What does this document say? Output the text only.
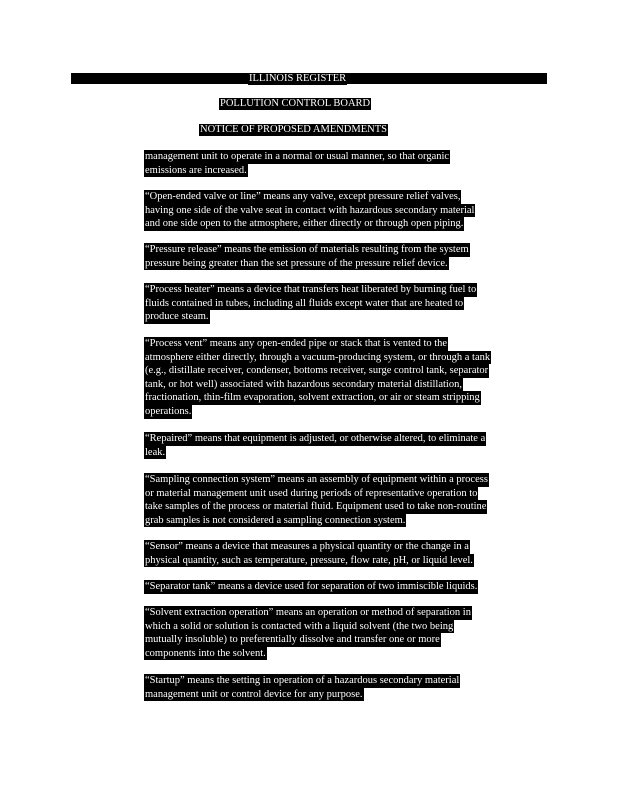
ILLINOIS REGISTER
POLLUTION CONTROL BOARD
NOTICE OF PROPOSED AMENDMENTS
management unit to operate in a normal or usual manner, so that organic
emissions are increased.
“Open-ended valve or line” means any valve, except pressure relief valves,
having one side of the valve seat in contact with hazardous secondary material
and one side open to the atmosphere, either directly or through open piping.
“Pressure release” means the emission of materials resulting from the system
pressure being greater than the set pressure of the pressure relief device.
“Process heater” means a device that transfers heat liberated by burning fuel to
fluids contained in tubes, including all fluids except water that are heated to
produce steam.
“Process vent” means any open-ended pipe or stack that is vented to the
atmosphere either directly, through a vacuum-producing system, or through a tank
(e.g., distillate receiver, condenser, bottoms receiver, surge control tank, separator
tank, or hot well) associated with hazardous secondary material distillation,
fractionation, thin-film evaporation, solvent extraction, or air or steam stripping
operations.
“Repaired” means that equipment is adjusted, or otherwise altered, to eliminate a
leak.
“Sampling connection system” means an assembly of equipment within a process
or material management unit used during periods of representative operation to
take samples of the process or material fluid. Equipment used to take non-routine
grab samples is not considered a sampling connection system.
“Sensor” means a device that measures a physical quantity or the change in a
physical quantity, such as temperature, pressure, flow rate, pH, or liquid level.
“Separator tank” means a device used for separation of two immiscible liquids.
“Solvent extraction operation” means an operation or method of separation in
which a solid or solution is contacted with a liquid solvent (the two being
mutually insoluble) to preferentially dissolve and transfer one or more
components into the solvent.
“Startup” means the setting in operation of a hazardous secondary material
management unit or control device for any purpose.
